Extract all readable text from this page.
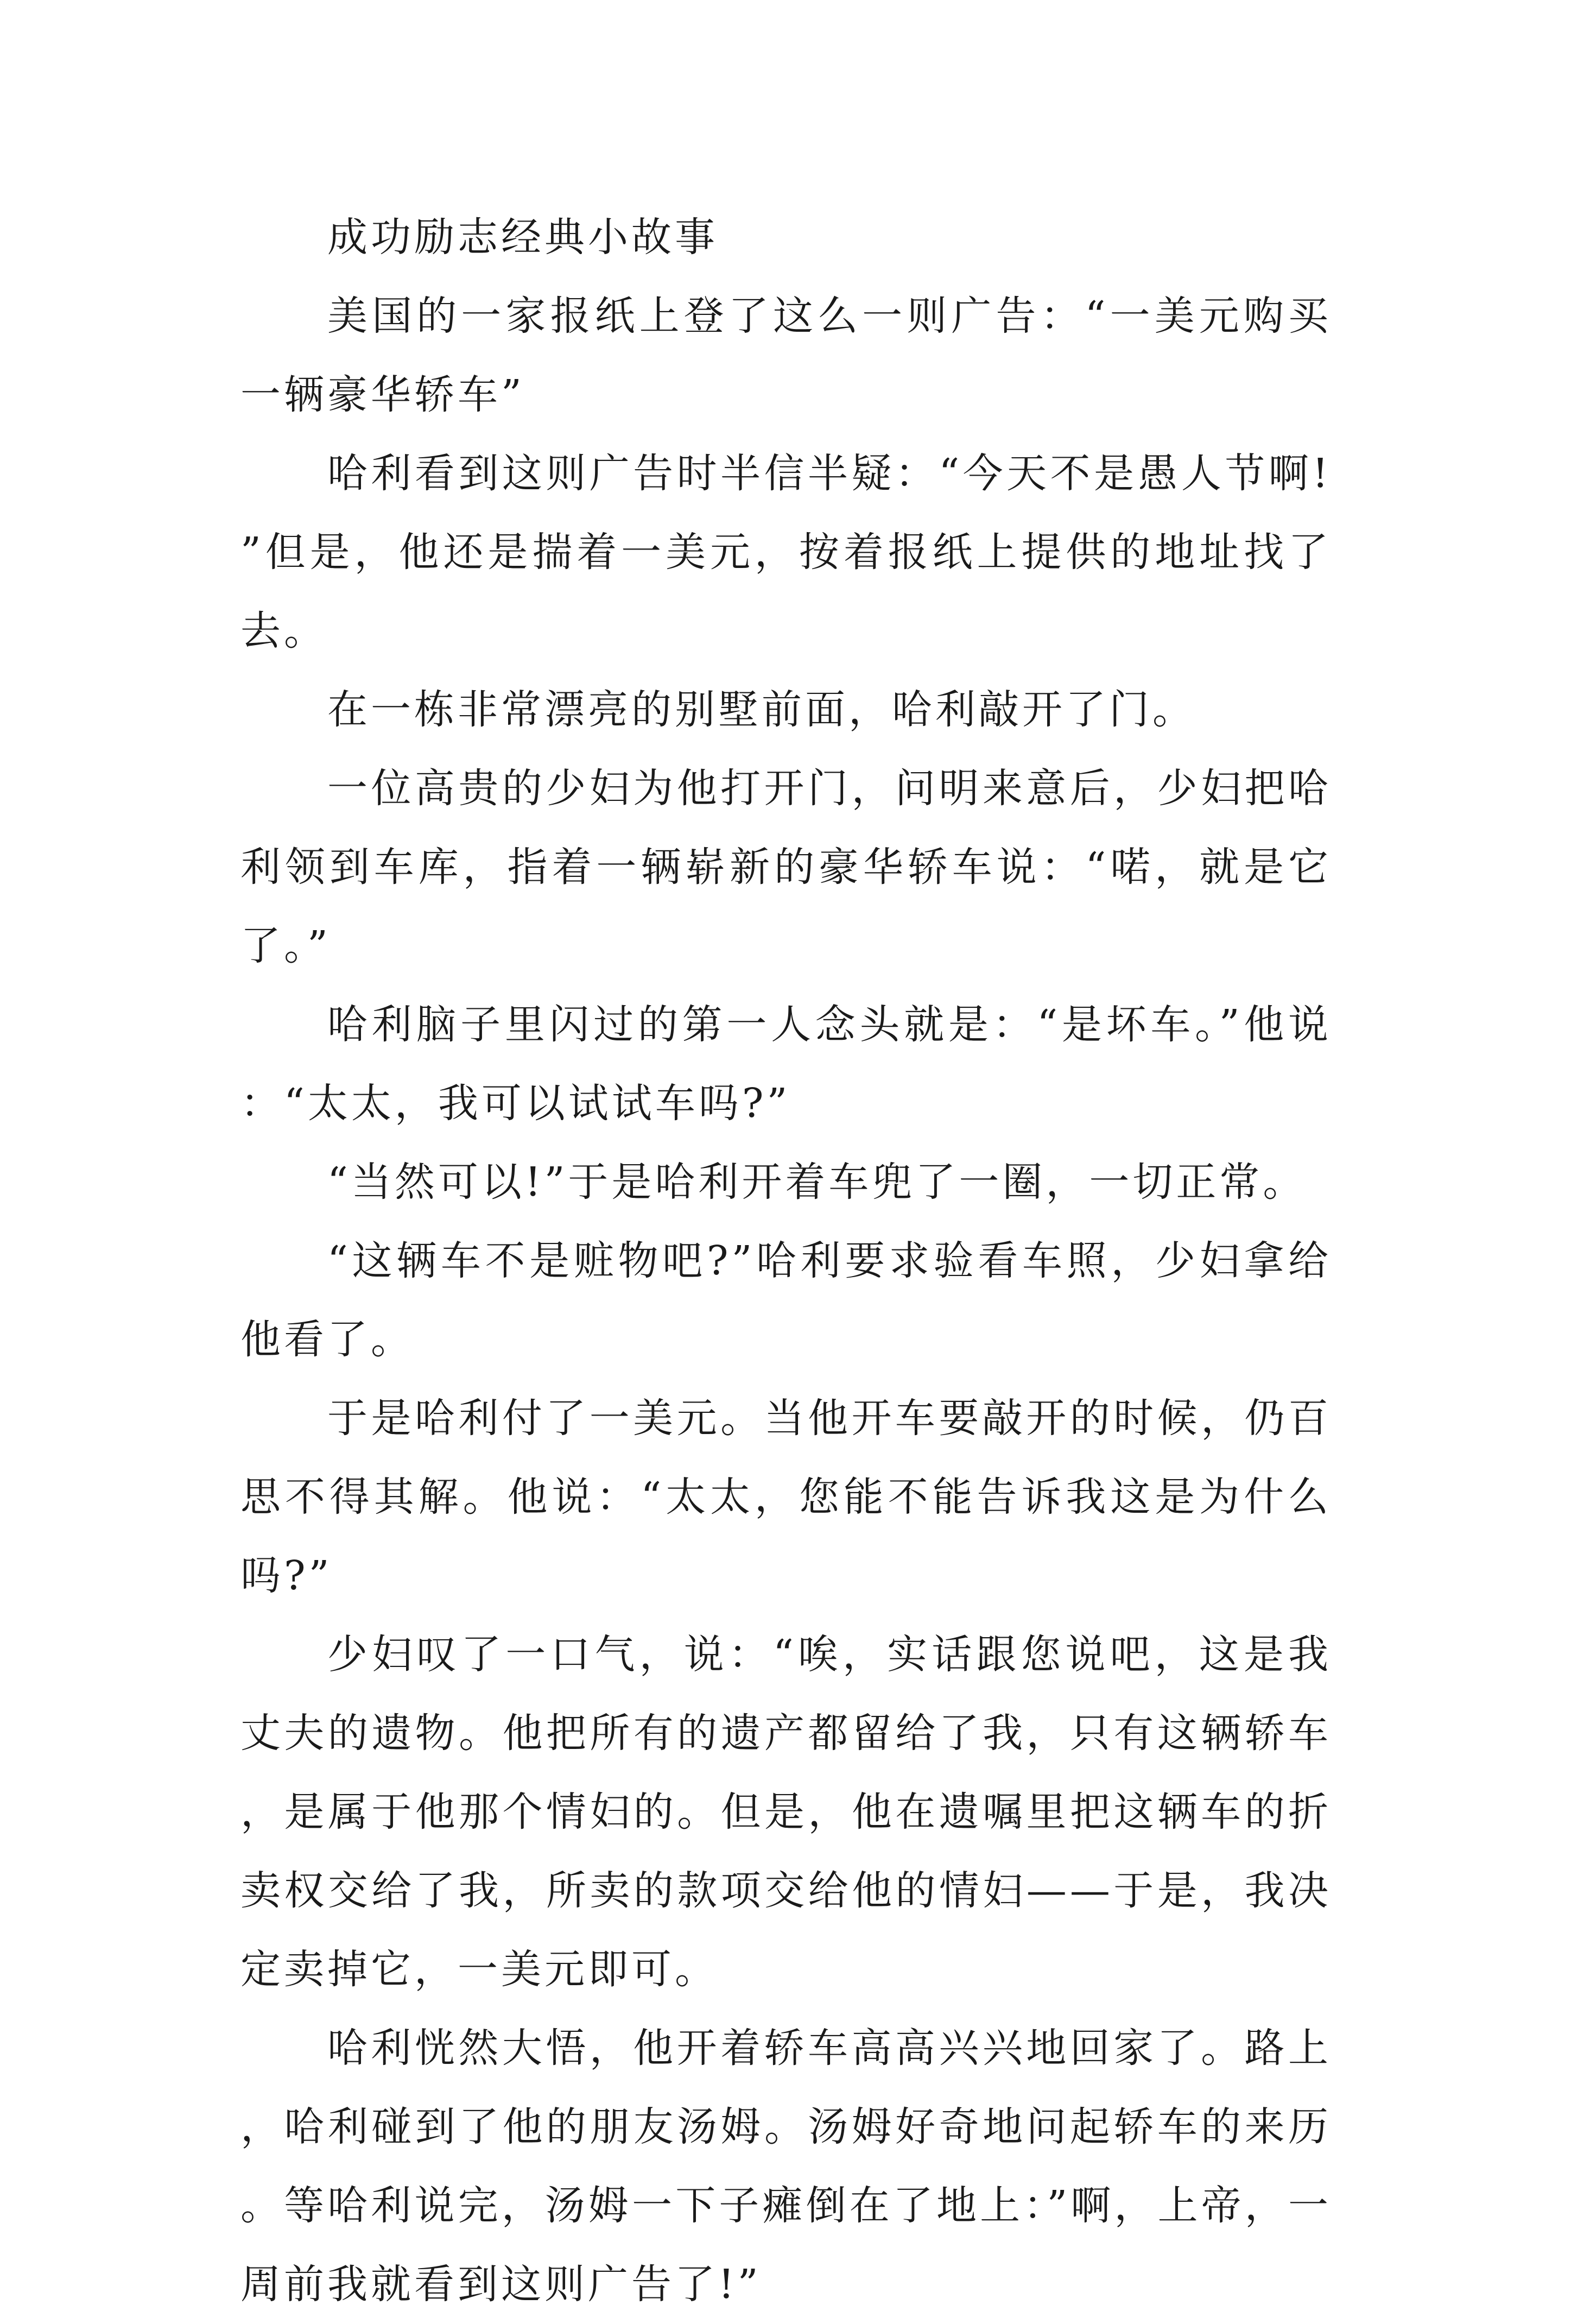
成功励志经典小故事

美国的一家报纸上登了这么一则广告：“一美元购买一辆豪华轿车”

哈利看到这则广告时半信半疑：“今天不是愚人节啊!”但是，他还是揣着一美元，按着报纸上提供的地址找了去。

在一栋非常漂亮的别墅前面，哈利敲开了门。

一位高贵的少妇为他打开门，问明来意后，少妇把哈利领到车库，指着一辆崭新的豪华轿车说：“喏，就是它了。”

哈利脑子里闪过的第一人念头就是：“是坏车。”他说：“太太，我可以试试车吗?”

“当然可以!”于是哈利开着车兜了一圈，一切正常。

“这辆车不是赃物吧?”哈利要求验看车照，少妇拿给他看了。

于是哈利付了一美元。当他开车要敲开的时候，仍百思不得其解。他说：“太太，您能不能告诉我这是为什么吗?”

少妇叹了一口气，说：“唉，实话跟您说吧，这是我丈夫的遗物。他把所有的遗产都留给了我，只有这辆轿车，是属于他那个情妇的。但是，他在遗嘱里把这辆车的折卖权交给了我，所卖的款项交给他的情妇——于是，我决定卖掉它，一美元即可。

哈利恍然大悟，他开着轿车高高兴兴地回家了。路上，哈利碰到了他的朋友汤姆。汤姆好奇地问起轿车的来历。等哈利说完，汤姆一下子瘫倒在了地上：”啊，上帝，一周前我就看到这则广告了!”
